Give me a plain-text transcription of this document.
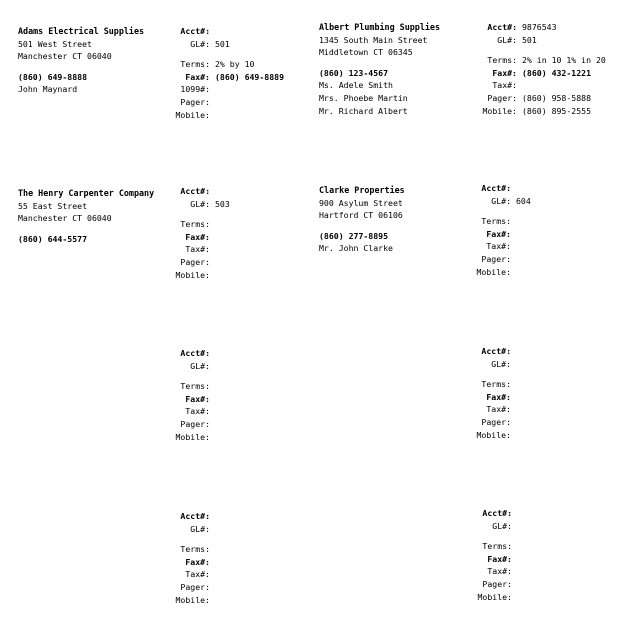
Adams Electrical Supplies
501 West Street
Manchester CT 06040
(860) 649-8888
John Maynard
Acct#:
GL#: 501
Terms: 2% by 10
Fax#: (860) 649-8889
1099#:
Pager:
Mobile:
Albert Plumbing Supplies
1345 South Main Street
Middletown CT 06345
(860) 123-4567
Ms. Adele Smith
Mrs. Phoebe Martin
Mr. Richard Albert
Acct#: 9876543
GL#: 501
Terms: 2% in 10 1% in 20
Fax#: (860) 432-1221
Tax#:
Pager: (860) 958-5888
Mobile: (860) 895-2555
The Henry Carpenter Company
55 East Street
Manchester CT 06040
(860) 644-5577
Acct#:
GL#: 503
Terms:
Fax#:
Tax#:
Pager:
Mobile:
Clarke Properties
900 Asylum Street
Hartford CT 06106
(860) 277-8895
Mr. John Clarke
Acct#:
GL#: 604
Terms:
Fax#:
Tax#:
Pager:
Mobile:
Acct#:
GL#:
Terms:
Fax#:
Tax#:
Pager:
Mobile:
Acct#:
GL#:
Terms:
Fax#:
Tax#:
Pager:
Mobile:
Acct#:
GL#:
Terms:
Fax#:
Tax#:
Pager:
Mobile:
Acct#:
GL#:
Terms:
Fax#:
Tax#:
Pager:
Mobile:
